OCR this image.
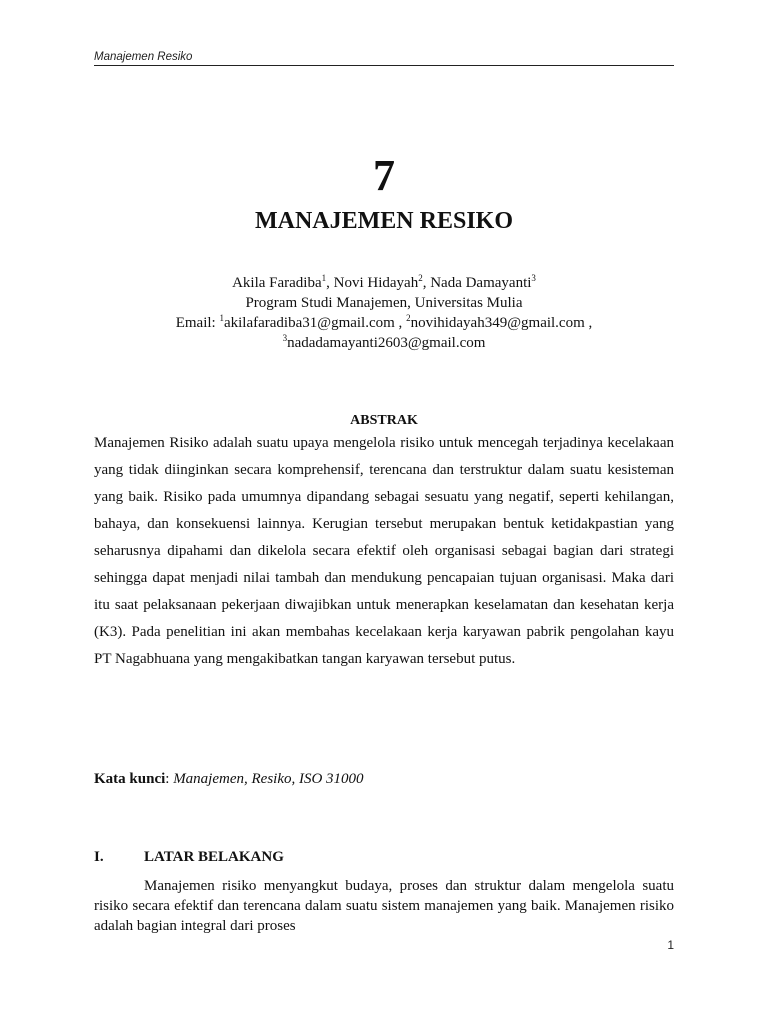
Manajemen Resiko
7
MANAJEMEN RESIKO
Akila Faradiba$^1$, Novi Hidayah$^2$, Nada Damayanti$^3$
Program Studi Manajemen, Universitas Mulia
Email: $^1$akilafaradiba31@gmail.com , $^2$novihidayah349@gmail.com ,
$^3$nadadamayanti2603@gmail.com
ABSTRAK
Manajemen Risiko adalah suatu upaya mengelola risiko untuk mencegah terjadinya kecelakaan yang tidak diinginkan secara komprehensif, terencana dan terstruktur dalam suatu kesisteman yang baik. Risiko pada umumnya dipandang sebagai sesuatu yang negatif, seperti kehilangan, bahaya, dan konsekuensi lainnya. Kerugian tersebut merupakan bentuk ketidakpastian yang seharusnya dipahami dan dikelola secara efektif oleh organisasi sebagai bagian dari strategi sehingga dapat menjadi nilai tambah dan mendukung pencapaian tujuan organisasi. Maka dari itu saat pelaksanaan pekerjaan diwajibkan untuk menerapkan keselamatan dan kesehatan kerja (K3). Pada penelitian ini akan membahas kecelakaan kerja karyawan pabrik pengolahan kayu PT Nagabhuana yang mengakibatkan tangan karyawan tersebut putus.
Kata kunci: Manajemen, Resiko, ISO 31000
I.	LATAR BELAKANG
Manajemen risiko menyangkut budaya, proses dan struktur dalam mengelola suatu risiko secara efektif dan terencana dalam suatu sistem manajemen yang baik. Manajemen risiko adalah bagian integral dari proses
1
